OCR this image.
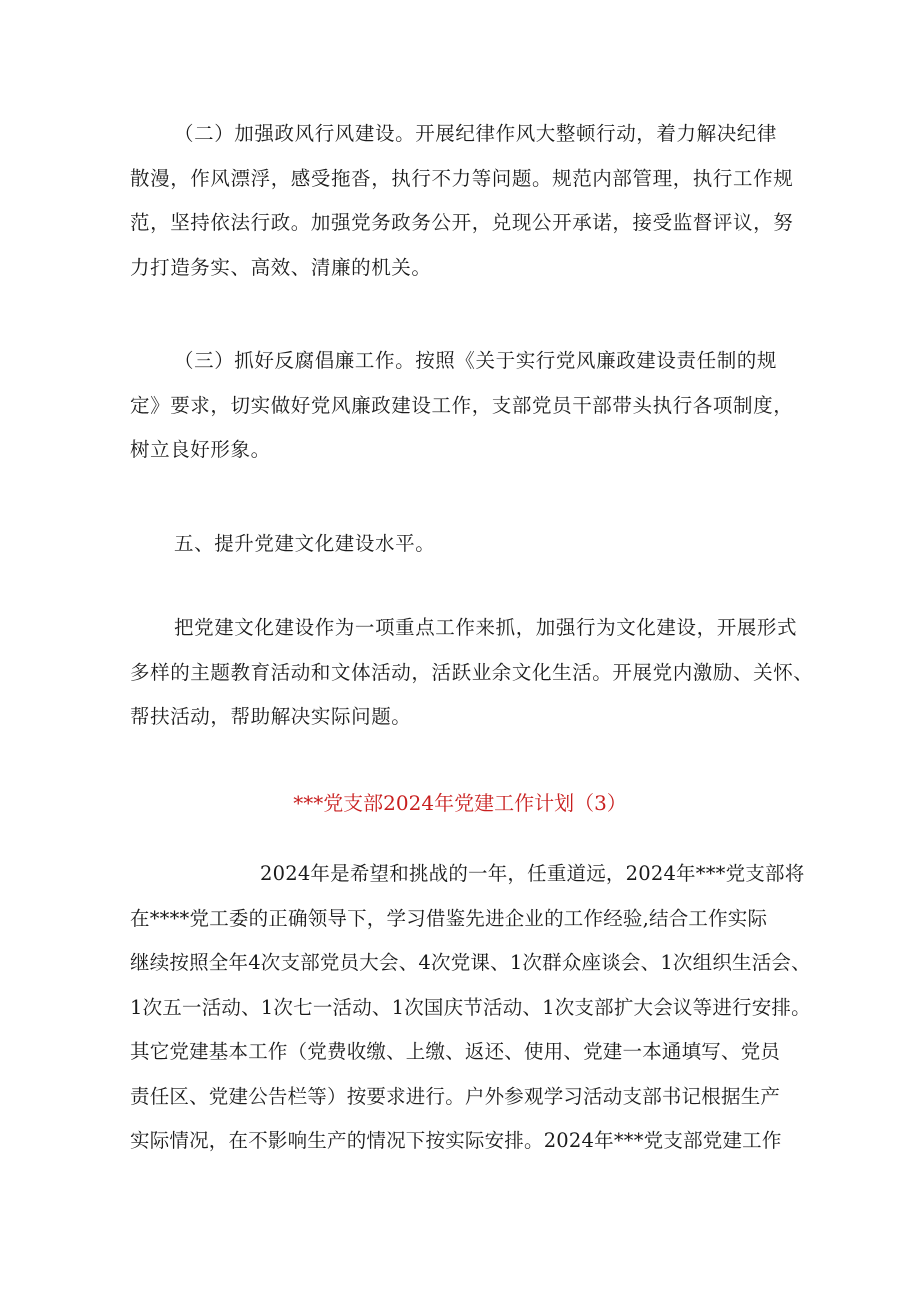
（二）加强政风行风建设。开展纪律作风大整顿行动，着力解决纪律
散漫，作风漂浮，感受拖沓，执行不力等问题。规范内部管理，执行工作规
范，坚持依法行政。加强党务政务公开，兑现公开承诺，接受监督评议，努
力打造务实、高效、清廉的机关。
（三）抓好反腐倡廉工作。按照《关于实行党风廉政建设责任制的规
定》要求，切实做好党风廉政建设工作，支部党员干部带头执行各项制度，
树立良好形象。
五、提升党建文化建设水平。
把党建文化建设作为一项重点工作来抓，加强行为文化建设，开展形式
多样的主题教育活动和文体活动，活跃业余文化生活。开展党内激励、关怀、
帮扶活动，帮助解决实际问题。
***党支部2024年党建工作计划（3）
2024年是希望和挑战的一年，任重道远，2024年***党支部将
在****党工委的正确领导下，学习借鉴先进企业的工作经验,结合工作实际
继续按照全年4次支部党员大会、4次党课、1次群众座谈会、1次组织生活会、
1次五一活动、1次七一活动、1次国庆节活动、1次支部扩大会议等进行安排。
其它党建基本工作（党费收缴、上缴、返还、使用、党建一本通填写、党员
责任区、党建公告栏等）按要求进行。户外参观学习活动支部书记根据生产
实际情况，在不影响生产的情况下按实际安排。2024年***党支部党建工作
